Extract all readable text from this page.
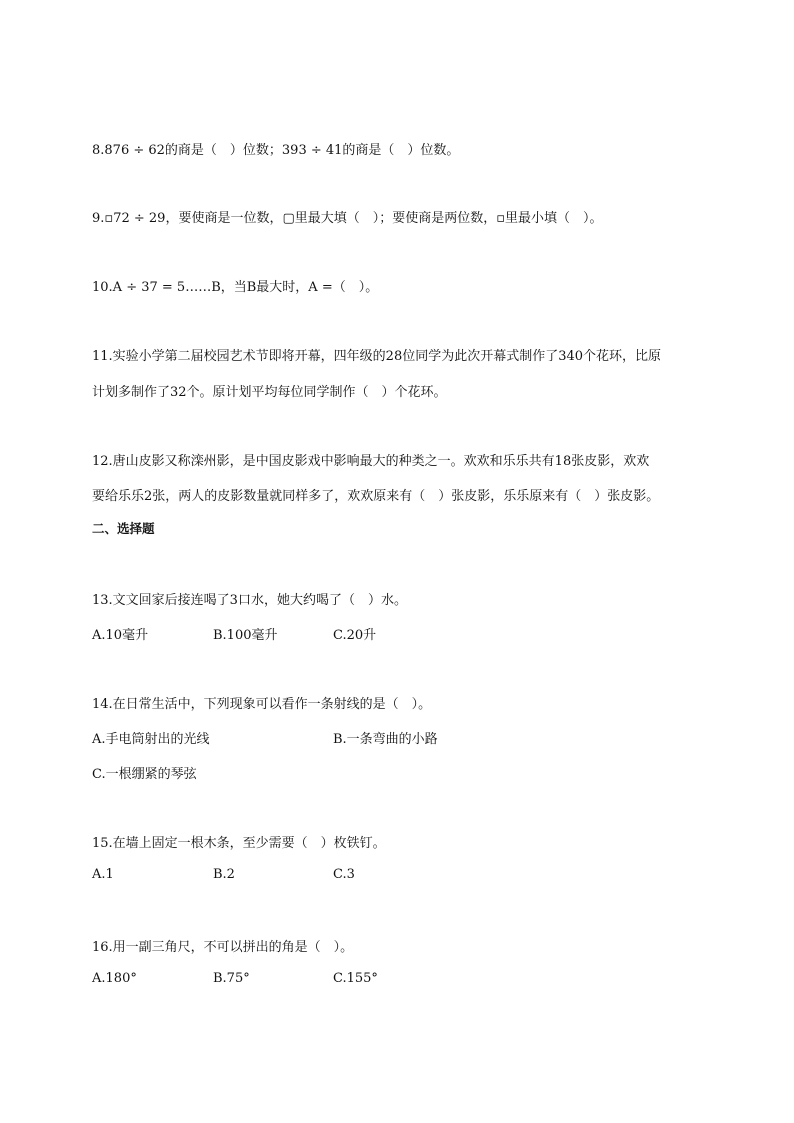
8.876 ÷ 62的商是（　）位数；393 ÷ 41的商是（　）位数。
9.▫72 ÷ 29，要使商是一位数，▢里最大填（　）；要使商是两位数，▫里最小填（　）。
10.A ÷ 37 = 5……B，当B最大时，A =（　）。
11.实验小学第二届校园艺术节即将开幕，四年级的28位同学为此次开幕式制作了340个花环，比原
计划多制作了32个。原计划平均每位同学制作（　）个花环。
12.唐山皮影又称滦州影，是中国皮影戏中影响最大的种类之一。欢欢和乐乐共有18张皮影，欢欢
要给乐乐2张，两人的皮影数量就同样多了，欢欢原来有（　）张皮影，乐乐原来有（　）张皮影。
二、选择题
13.文文回家后接连喝了3口水，她大约喝了（　）水。
A.10毫升	B.100毫升	C.20升
14.在日常生活中，下列现象可以看作一条射线的是（　）。
A.手电筒射出的光线	B.一条弯曲的小路
C.一根绷紧的琴弦
15.在墙上固定一根木条，至少需要（　）枚铁钉。
A.1	B.2	C.3
16.用一副三角尺，不可以拼出的角是（　）。
A.180°	B.75°	C.155°
